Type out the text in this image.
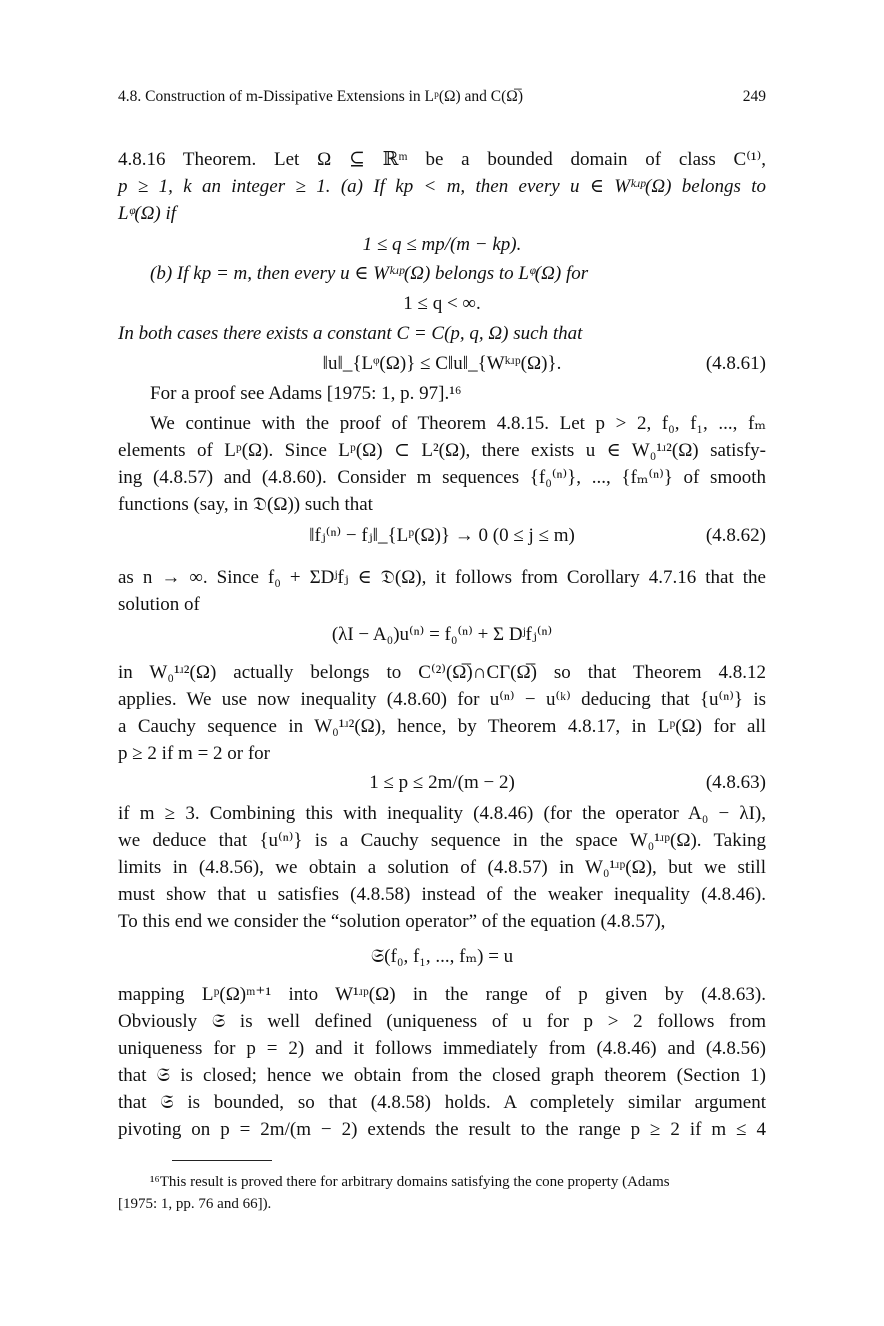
4.8. Construction of m-Dissipative Extensions in Lᵖ(Ω) and C(Ω̅)	249
4.8.16 Theorem. Let Ω ⊆ ℝᵐ be a bounded domain of class C⁽¹⁾,
p ≥ 1, k an integer ≥ 1. (a) If kp < m, then every u ∈ Wᵏʴᵖ(Ω) belongs to
Lᵠ(Ω) if
1 ≤ q ≤ mp/(m − kp).
(b) If kp = m, then every u ∈ Wᵏʴᵖ(Ω) belongs to Lᵠ(Ω) for
1 ≤ q < ∞.
In both cases there exists a constant C = C(p, q, Ω) such that
‖u‖_{Lᵠ(Ω)} ≤ C‖u‖_{Wᵏʴᵖ(Ω)}.	(4.8.61)
For a proof see Adams [1975: 1, p. 97].¹⁶
We continue with the proof of Theorem 4.8.15. Let p > 2, f₀, f₁, ..., fₘ
elements of Lᵖ(Ω). Since Lᵖ(Ω) ⊂ L²(Ω), there exists u ∈ W₀¹ʴ²(Ω) satisfy-
ing (4.8.57) and (4.8.60). Consider m sequences {f₀⁽ⁿ⁾}, ..., {fₘ⁽ⁿ⁾} of smooth
functions (say, in 𝔇(Ω)) such that
‖fⱼ⁽ⁿ⁾ − fⱼ‖_{Lᵖ(Ω)} → 0 (0 ≤ j ≤ m)	(4.8.62)
as n → ∞. Since f₀ + ΣDʲfⱼ ∈ 𝔇(Ω), it follows from Corollary 4.7.16 that the
solution of
(λI − A₀)u⁽ⁿ⁾ = f₀⁽ⁿ⁾ + Σ Dʲfⱼ⁽ⁿ⁾
in W₀¹ʴ²(Ω) actually belongs to C⁽²⁾(Ω̅)∩CΓ(Ω̅) so that Theorem 4.8.12
applies. We use now inequality (4.8.60) for u⁽ⁿ⁾ − u⁽ᵏ⁾ deducing that {u⁽ⁿ⁾} is
a Cauchy sequence in W₀¹ʴ²(Ω), hence, by Theorem 4.8.17, in Lᵖ(Ω) for all
p ≥ 2 if m = 2 or for
1 ≤ p ≤ 2m/(m − 2)	(4.8.63)
if m ≥ 3. Combining this with inequality (4.8.46) (for the operator A₀ − λI),
we deduce that {u⁽ⁿ⁾} is a Cauchy sequence in the space W₀¹ʴᵖ(Ω). Taking
limits in (4.8.56), we obtain a solution of (4.8.57) in W₀¹ʴᵖ(Ω), but we still
must show that u satisfies (4.8.58) instead of the weaker inequality (4.8.46).
To this end we consider the “solution operator” of the equation (4.8.57),
𝔖(f₀, f₁, ..., fₘ) = u
mapping Lᵖ(Ω)ᵐ⁺¹ into W¹ʴᵖ(Ω) in the range of p given by (4.8.63).
Obviously 𝔖 is well defined (uniqueness of u for p > 2 follows from
uniqueness for p = 2) and it follows immediately from (4.8.46) and (4.8.56)
that 𝔖 is closed; hence we obtain from the closed graph theorem (Section 1)
that 𝔖 is bounded, so that (4.8.58) holds. A completely similar argument
pivoting on p = 2m/(m − 2) extends the result to the range p ≥ 2 if m ≤ 4
¹⁶This result is proved there for arbitrary domains satisfying the cone property (Adams
[1975: 1, pp. 76 and 66]).
